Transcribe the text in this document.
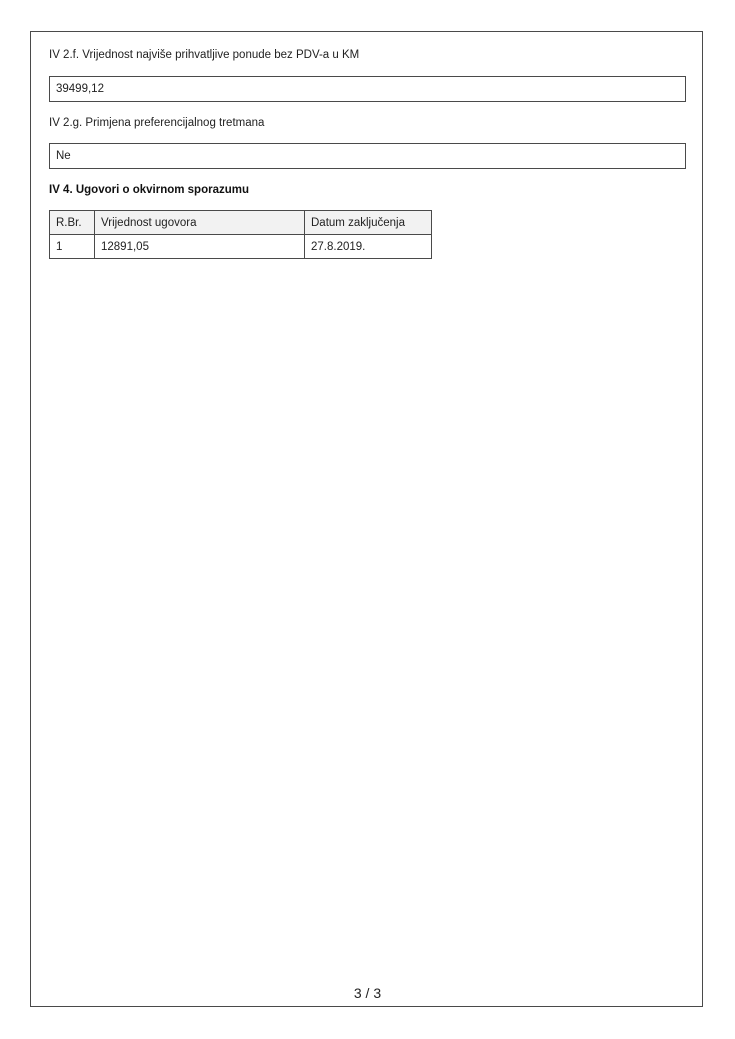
IV 2.f. Vrijednost najviše prihvatljive ponude bez PDV-a u KM
39499,12
IV 2.g. Primjena preferencijalnog tretmana
Ne
IV 4. Ugovori o okvirnom sporazumu
R.Br.	Vrijednost ugovora	Datum zaključenja
1	12891,05	27.8.2019.
3 / 3
